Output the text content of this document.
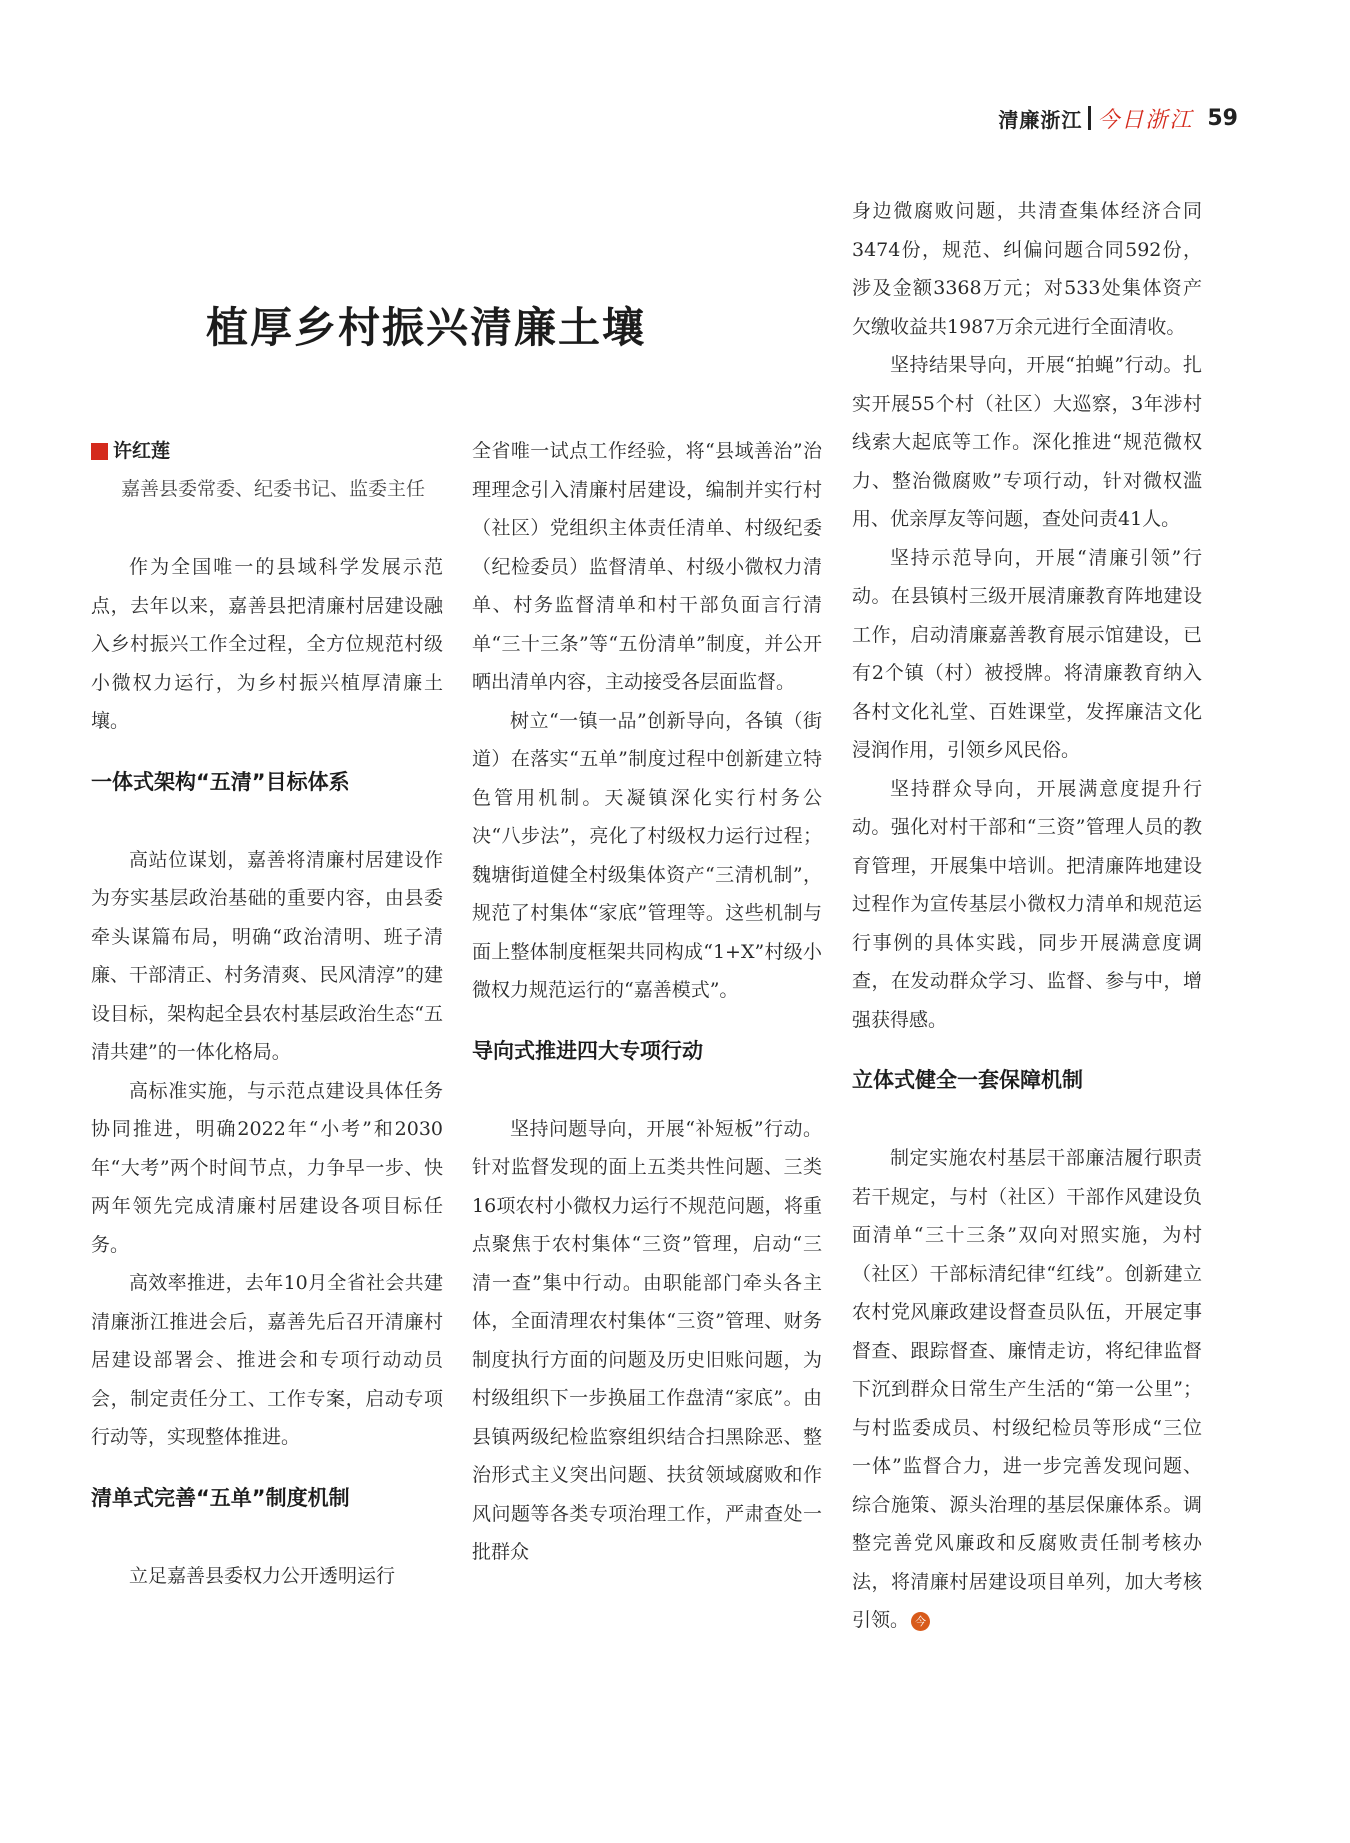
清廉浙江 今日浙江 59
植厚乡村振兴清廉土壤
许红莲
嘉善县委常委、纪委书记、监委主任

作为全国唯一的县域科学发展示范点，去年以来，嘉善县把清廉村居建设融入乡村振兴工作全过程，全方位规范村级小微权力运行，为乡村振兴植厚清廉土壤。

一体式架构“五清”目标体系

高站位谋划，嘉善将清廉村居建设作为夯实基层政治基础的重要内容，由县委牵头谋篇布局，明确“政治清明、班子清廉、干部清正、村务清爽、民风清淳”的建设目标，架构起全县农村基层政治生态“五清共建”的一体化格局。

高标准实施，与示范点建设具体任务协同推进，明确2022年“小考”和2030年“大考”两个时间节点，力争早一步、快两年领先完成清廉村居建设各项目标任务。

高效率推进，去年10月全省社会共建清廉浙江推进会后，嘉善先后召开清廉村居建设部署会、推进会和专项行动动员会，制定责任分工、工作专案，启动专项行动等，实现整体推进。

清单式完善“五单”制度机制

立足嘉善县委权力公开透明运行

全省唯一试点工作经验，将“县域善治”治理理念引入清廉村居建设，编制并实行村（社区）党组织主体责任清单、村级纪委（纪检委员）监督清单、村级小微权力清单、村务监督清单和村干部负面言行清单“三十三条”等“五份清单”制度，并公开晒出清单内容，主动接受各层面监督。

树立“一镇一品”创新导向，各镇（街道）在落实“五单”制度过程中创新建立特色管用机制。天凝镇深化实行村务公决“八步法”，亮化了村级权力运行过程；魏塘街道健全村级集体资产“三清机制”，规范了村集体“家底”管理等。这些机制与面上整体制度框架共同构成“1+X”村级小微权力规范运行的“嘉善模式”。

导向式推进四大专项行动

坚持问题导向，开展“补短板”行动。针对监督发现的面上五类共性问题、三类16项农村小微权力运行不规范问题，将重点聚焦于农村集体“三资”管理，启动“三清一查”集中行动。由职能部门牵头各主体，全面清理农村集体“三资”管理、财务制度执行方面的问题及历史旧账问题，为村级组织下一步换届工作盘清“家底”。由县镇两级纪检监察组织结合扫黑除恶、整治形式主义突出问题、扶贫领域腐败和作风问题等各类专项治理工作，严肃查处一批群众

身边微腐败问题，共清查集体经济合同3474份，规范、纠偏问题合同592份，涉及金额3368万元；对533处集体资产欠缴收益共1987万余元进行全面清收。

坚持结果导向，开展“拍蝇”行动。扎实开展55个村（社区）大巡察，3年涉村线索大起底等工作。深化推进“规范微权力、整治微腐败”专项行动，针对微权滥用、优亲厚友等问题，查处问责41人。

坚持示范导向，开展“清廉引领”行动。在县镇村三级开展清廉教育阵地建设工作，启动清廉嘉善教育展示馆建设，已有2个镇（村）被授牌。将清廉教育纳入各村文化礼堂、百姓课堂，发挥廉洁文化浸润作用，引领乡风民俗。

坚持群众导向，开展满意度提升行动。强化对村干部和“三资”管理人员的教育管理，开展集中培训。把清廉阵地建设过程作为宣传基层小微权力清单和规范运行事例的具体实践，同步开展满意度调查，在发动群众学习、监督、参与中，增强获得感。

立体式健全一套保障机制

制定实施农村基层干部廉洁履行职责若干规定，与村（社区）干部作风建设负面清单“三十三条”双向对照实施，为村（社区）干部标清纪律“红线”。创新建立农村党风廉政建设督查员队伍，开展定事督查、跟踪督查、廉情走访，将纪律监督下沉到群众日常生产生活的“第一公里”；与村监委成员、村级纪检员等形成“三位一体”监督合力，进一步完善发现问题、综合施策、源头治理的基层保廉体系。调整完善党风廉政和反腐败责任制考核办法，将清廉村居建设项目单列，加大考核引领。 今
